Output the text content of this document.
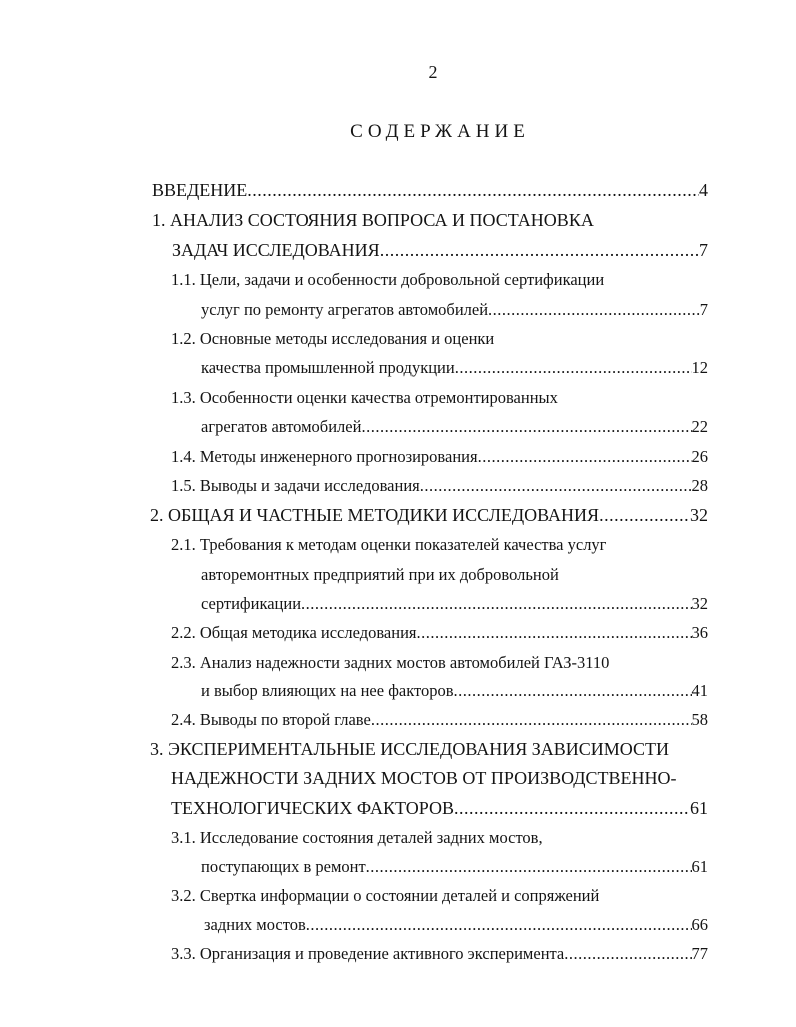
2
СОДЕРЖАНИЕ
ВВЕДЕНИЕ .....	4
1. АНАЛИЗ СОСТОЯНИЯ ВОПРОСА И ПОСТАНОВКА
ЗАДАЧ ИССЛЕДОВАНИЯ .....	7
1.1. Цели, задачи и особенности добровольной сертификации
услуг по ремонту агрегатов автомобилей .....	7
1.2. Основные методы исследования и оценки
качества промышленной продукции .....	12
1.3. Особенности оценки качества отремонтированных
агрегатов автомобилей .....	22
1.4. Методы инженерного прогнозирования .....	26
1.5. Выводы и задачи исследования .....	28
2. ОБЩАЯ И ЧАСТНЫЕ МЕТОДИКИ ИССЛЕДОВАНИЯ .....	32
2.1. Требования к методам оценки показателей качества услуг
авторемонтных предприятий при их добровольной
сертификации .....	32
2.2. Общая методика исследования .....	36
2.3. Анализ надежности задних мостов автомобилей ГАЗ-3110
и выбор влияющих на нее факторов .....	41
2.4. Выводы по второй главе .....	58
3. ЭКСПЕРИМЕНТАЛЬНЫЕ ИССЛЕДОВАНИЯ ЗАВИСИМОСТИ
НАДЕЖНОСТИ ЗАДНИХ МОСТОВ ОТ ПРОИЗВОДСТВЕННО-
ТЕХНОЛОГИЧЕСКИХ ФАКТОРОВ .....	61
3.1. Исследование состояния деталей задних мостов,
поступающих в ремонт .....	61
3.2. Свертка информации о состоянии деталей и сопряжений
задних мостов .....	66
3.3. Организация и проведение активного эксперимента .....	77
